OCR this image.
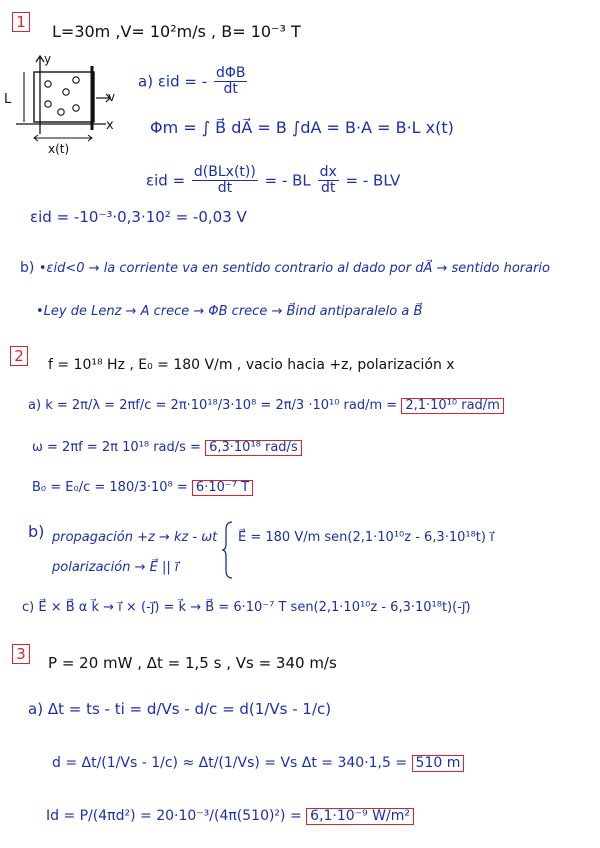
1 L=30m ,V= 10²m/s , B= 10⁻³ T
y
x
L	v
x(t)
a) εid = - $\frac{\text{dΦB}}{dt}$
Φm = ∫ B⃗ dA⃗ = B ∫dA = B·A = B·L x(t)
$\varepsilon id = \frac{\text{d(BLx(t))}}{dt}$ = - BL $\frac{dx}{dt}$ = - BLV
εid = -10⁻³·0,3·10² = -0,03 V
b) •εid<0 → la corriente va en sentido contrario al dado por dA⃗ → sentido horario
•Ley de Lenz → A crece → ΦB crece → B⃗ind antiparalelo a B⃗
2	f = 10¹⁸ Hz , E₀ = 180 V/m , vacio hacia +z, polarización x
a) k = 2π/λ = 2πf/c = 2π·10¹⁸/3·10⁸ = 2π/3 ·10¹⁰ rad/m = 2,1·10¹⁰ rad/m
ω = 2πf = 2π 10¹⁸ rad/s = 6,3·10¹⁸ rad/s
B₀ = E₀/c = 180/3·10⁸ = 6·10⁻⁷ T
b) propagación +z → kz - ωt
polarización → E⃗ || i⃗
E⃗ = 180 V/m sen(2,1·10¹⁰z - 6,3·10¹⁸t) i⃗
c) E⃗ × B⃗ α k⃗ → i⃗ × (-j⃗) = k⃗ → B⃗ = 6·10⁻⁷ T sen(2,1·10¹⁰z - 6,3·10¹⁸t)(-j⃗)
3 P = 20 mW , Δt = 1,5 s , Vs = 340 m/s
a) Δt = ts - ti = d/Vs - d/c = d(1/Vs - 1/c)
d = Δt/(1/Vs - 1/c) ≈ Δt/(1/Vs) = Vs Δt = 340·1,5 = 510 m
Id = P/(4πd²) = 20·10⁻³/(4π(510)²) = 6,1·10⁻⁹ W/m²
